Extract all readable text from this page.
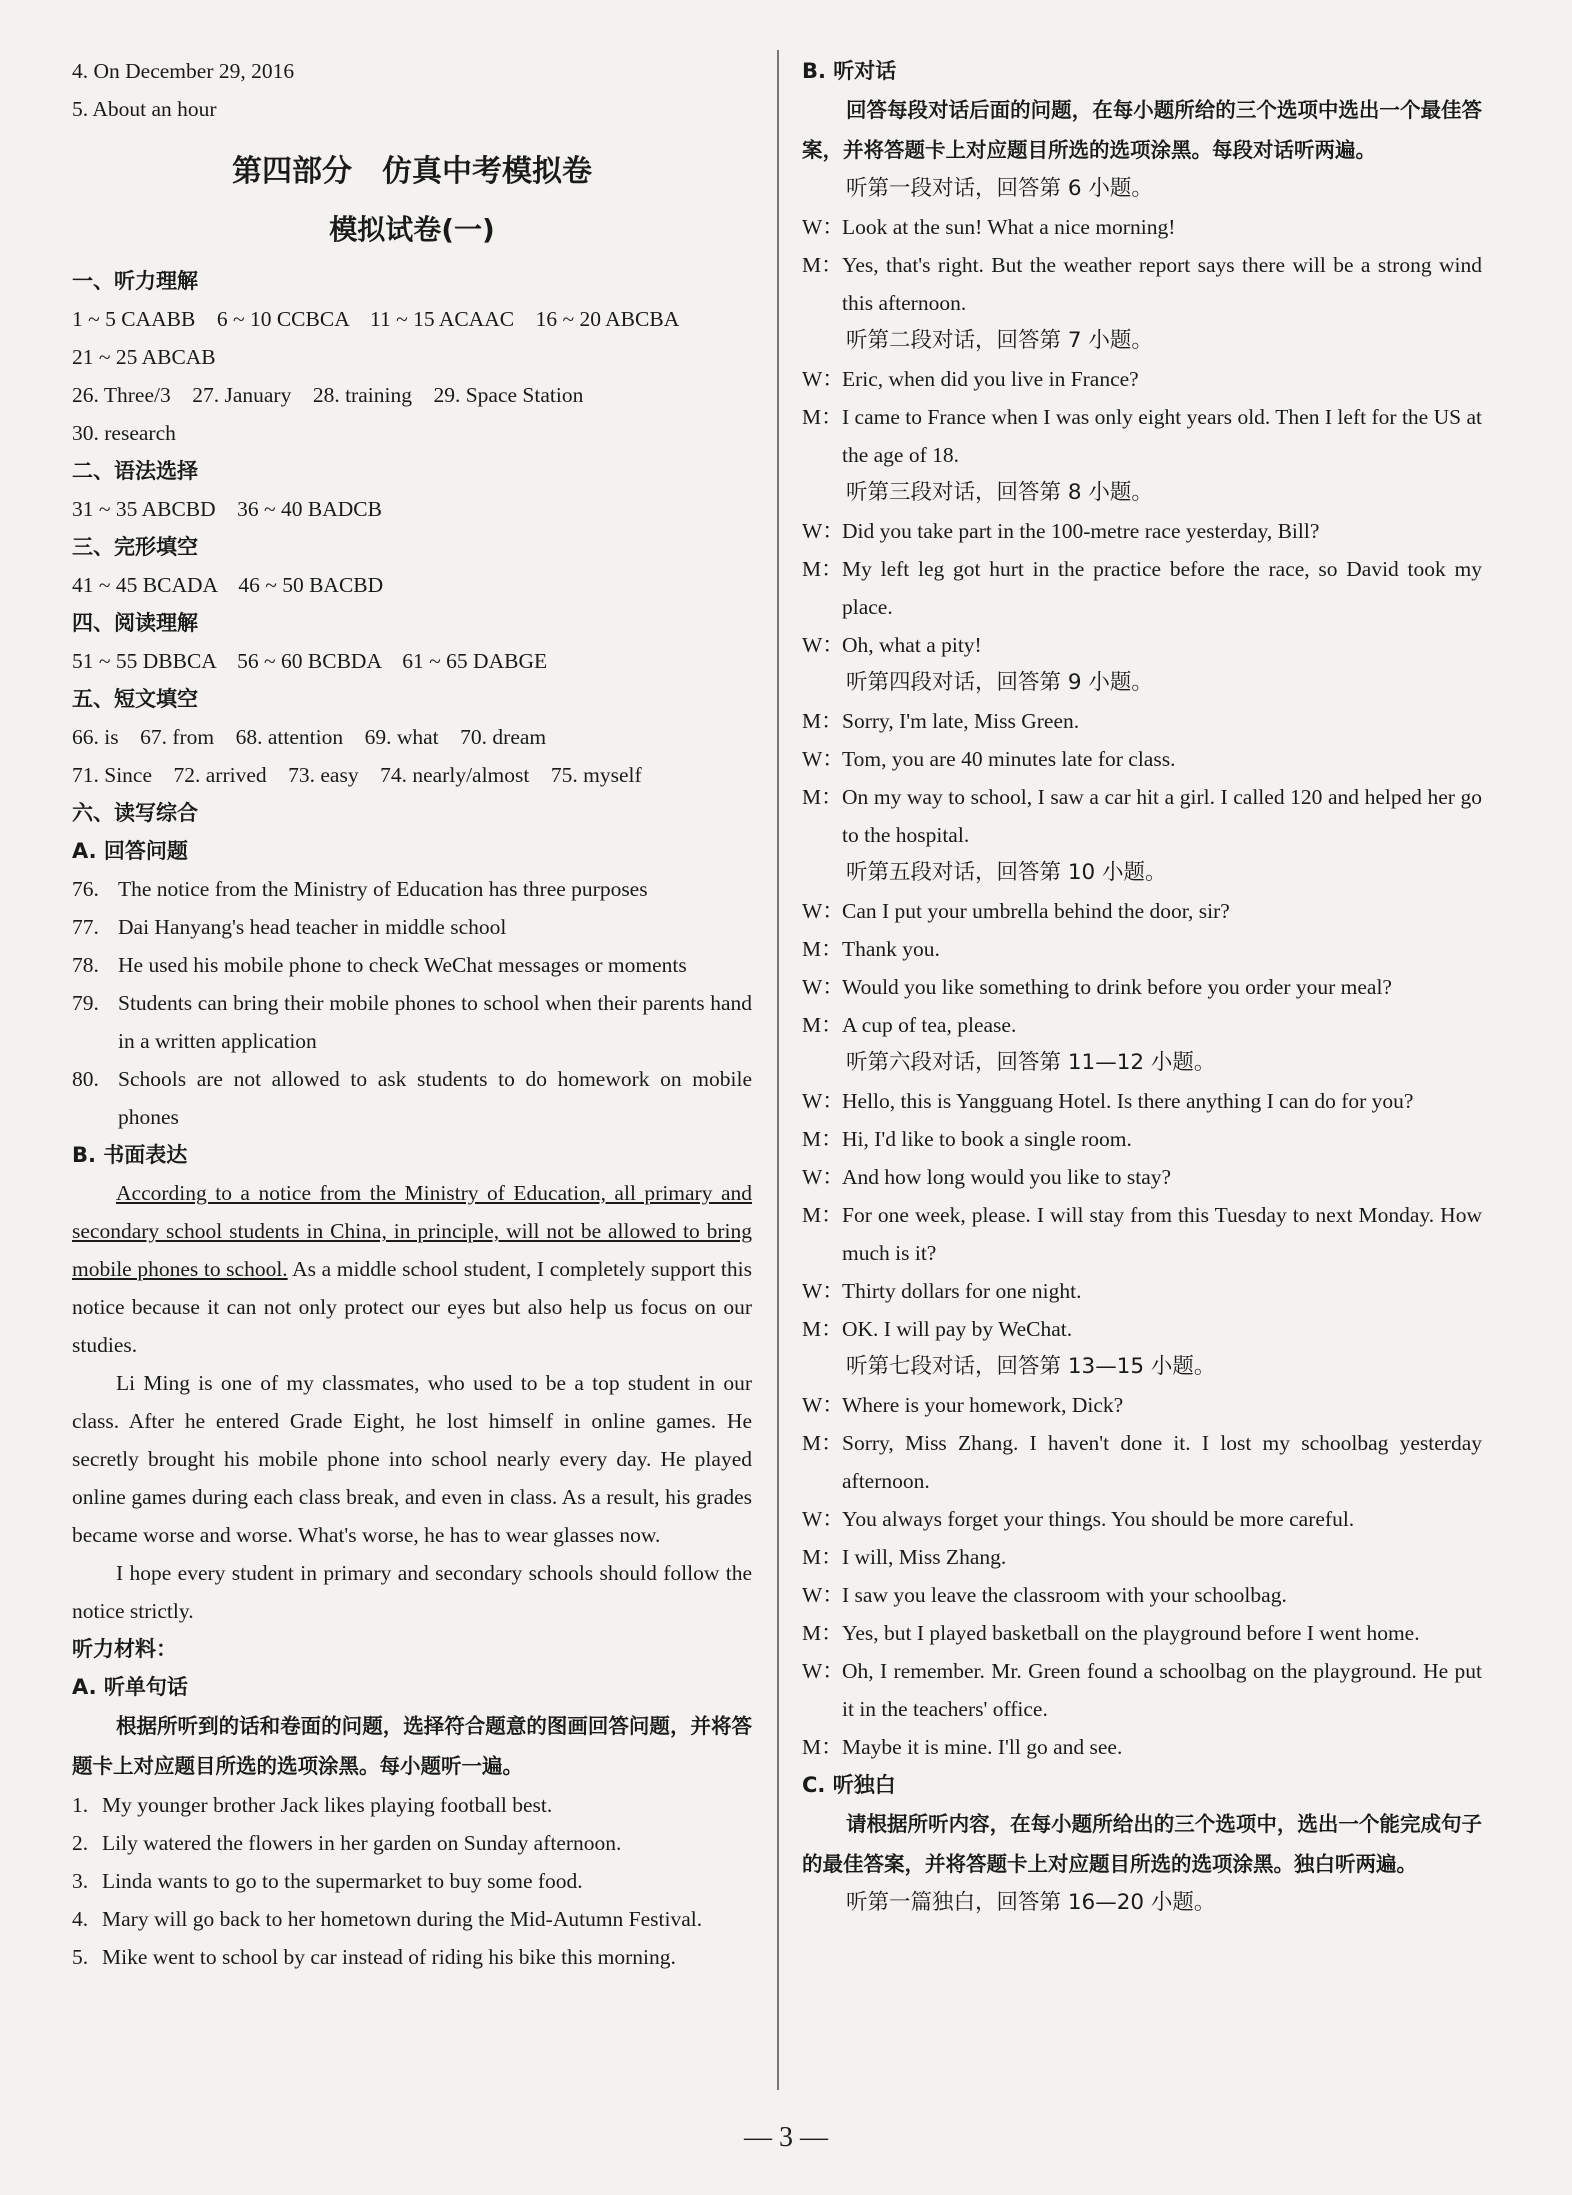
4. On December 29, 2016
5. About an hour
第四部分　仿真中考模拟卷
模拟试卷(一)
一、听力理解
1 ~ 5 CAABB　6 ~ 10 CCBCA　11 ~ 15 ACAAC　16 ~ 20 ABCBA
21 ~ 25 ABCAB
26. Three/3　27. January　28. training　29. Space Station
30. research
二、语法选择
31 ~ 35 ABCBD　36 ~ 40 BADCB
三、完形填空
41 ~ 45 BCADA　46 ~ 50 BACBD
四、阅读理解
51 ~ 55 DBBCA　56 ~ 60 BCBDA　61 ~ 65 DABGE
五、短文填空
66. is　67. from　68. attention　69. what　70. dream
71. Since　72. arrived　73. easy　74. nearly/almost　75. myself
六、读写综合
A. 回答问题
76. The notice from the Ministry of Education has three purposes
77. Dai Hanyang's head teacher in middle school
78. He used his mobile phone to check WeChat messages or moments
79. Students can bring their mobile phones to school when their parents hand in a written application
80. Schools are not allowed to ask students to do homework on mobile phones
B. 书面表达

According to a notice from the Ministry of Education, all primary and secondary school students in China, in principle, will not be allowed to bring mobile phones to school. As a middle school student, I completely support this notice because it can not only protect our eyes but also help us focus on our studies.

Li Ming is one of my classmates, who used to be a top student in our class. After he entered Grade Eight, he lost himself in online games. He secretly brought his mobile phone into school nearly every day. He played online games during each class break, and even in class. As a result, his grades became worse and worse. What's worse, he has to wear glasses now.

I hope every student in primary and secondary schools should follow the notice strictly.

听力材料：
A. 听单句话
根据所听到的话和卷面的问题，选择符合题意的图画回答问题，并将答题卡上对应题目所选的选项涂黑。每小题听一遍。
1. My younger brother Jack likes playing football best.
2. Lily watered the flowers in her garden on Sunday afternoon.
3. Linda wants to go to the supermarket to buy some food.
4. Mary will go back to her hometown during the Mid-Autumn Festival.
5. Mike went to school by car instead of riding his bike this morning.
B. 听对话
回答每段对话后面的问题，在每小题所给的三个选项中选出一个最佳答案，并将答题卡上对应题目所选的选项涂黑。每段对话听两遍。
听第一段对话，回答第 6 小题。
W：
Look at the sun! What a nice morning!
M： Yes, that's right. But the weather report says there will be a strong wind this afternoon.
听第二段对话，回答第 7 小题。
W：
Eric, when did you live in France?
M： I came to France when I was only eight years old. Then I left for the US at the age of 18.
听第三段对话，回答第 8 小题。
W：
Did you take part in the 100-metre race yesterday, Bill?
M： My left leg got hurt in the practice before the race, so David took my place.
W：
Oh, what a pity!
听第四段对话，回答第 9 小题。
M： Sorry, I'm late, Miss Green.
W：
Tom, you are 40 minutes late for class.
M： On my way to school, I saw a car hit a girl. I called 120 and helped her go to the hospital.
听第五段对话，回答第 10 小题。
W：
Can I put your umbrella behind the door, sir?
M： Thank you.
W：
Would you like something to drink before you order your meal?
M： A cup of tea, please.
听第六段对话，回答第 11—12 小题。
W：
Hello, this is Yangguang Hotel. Is there anything I can do for you?
M： Hi, I'd like to book a single room.
W：
And how long would you like to stay?
M： For one week, please. I will stay from this Tuesday to next Monday. How much is it?
W：
Thirty dollars for one night.
M： OK. I will pay by WeChat.
听第七段对话，回答第 13—15 小题。
W：
Where is your homework, Dick?
M： Sorry, Miss Zhang. I haven't done it. I lost my schoolbag yesterday afternoon.
W：
You always forget your things. You should be more careful.
M： I will, Miss Zhang.
W：
I saw you leave the classroom with your schoolbag.
M： Yes, but I played basketball on the playground before I went home.
W：
Oh, I remember. Mr. Green found a schoolbag on the playground. He put it in the teachers' office.
M： Maybe it is mine. I'll go and see.
C. 听独白
请根据所听内容，在每小题所给出的三个选项中，选出一个能完成句子的最佳答案，并将答题卡上对应题目所选的选项涂黑。独白听两遍。
听第一篇独白，回答第 16—20 小题。
— 3 —
